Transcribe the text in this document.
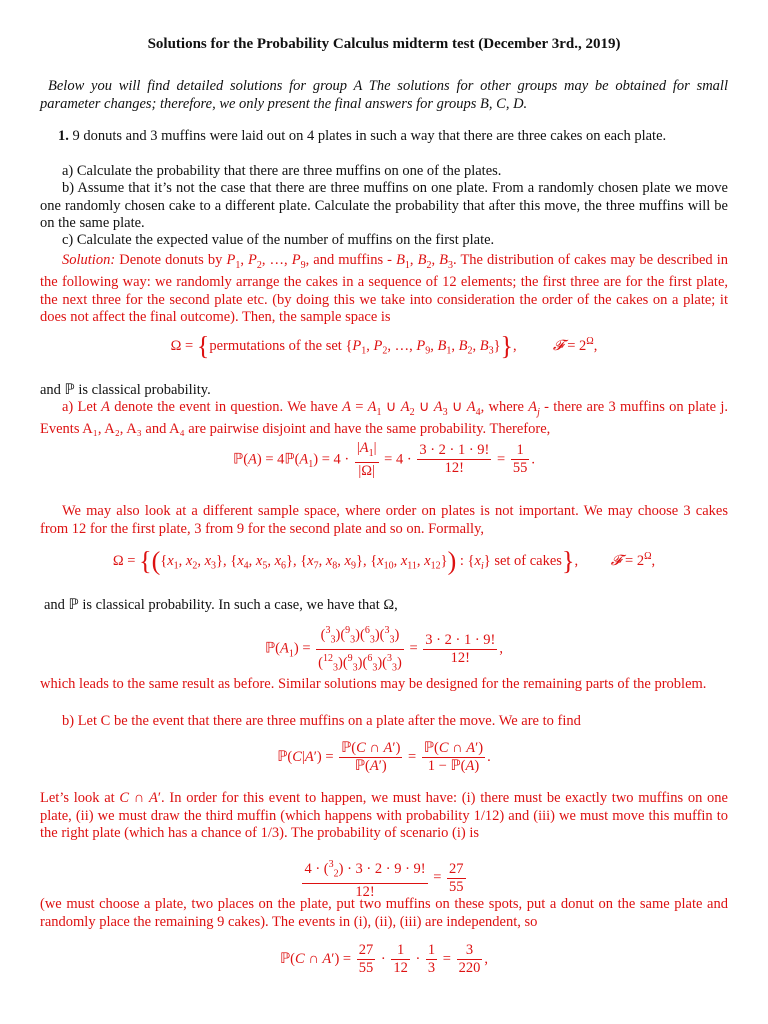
Solutions for the Probability Calculus midterm test (December 3rd., 2019)

Below you will find detailed solutions for group A The solutions for other groups may be obtained for small parameter changes; therefore, we only present the final answers for groups B, C, D.

1. 9 donuts and 3 muffins were laid out on 4 plates in such a way that there are three cakes on each plate.

a) Calculate the probability that there are three muffins on one of the plates.

b) Assume that it’s not the case that there are three muffins on one plate. From a randomly chosen plate we move one randomly chosen cake to a different plate. Calculate the probability that after this move, the three muffins will be on the same plate.

c) Calculate the expected value of the number of muffins on the first plate.

Solution: Denote donuts by $P_1$, $P_2$, …, $P_9$, and muffins - $B_1$, $B_2$, $B_3$. The distribution of cakes may be described in the following way: we randomly arrange the cakes in a sequence of 12 elements; the first three are for the first plate, the next three for the second plate etc. (by doing this we take into consideration the order of the cakes on a plate; it does not affect the final outcome). Then, the sample space is

Ω = {permutations of the set {$P_1$, $P_2$, …, $P_9$, $B_1$, $B_2$, $B_3$}},          𝓕 = $2^\Omega$,

and ℙ is classical probability.

a) Let A denote the event in question. We have $A = A_1$ ∪ $A_2$ ∪ $A_3$ ∪ $A_4$, where $A_j$ - there are 3 muffins on plate j. Events A₁, A₂, A₃ and A₄ are pairwise disjoint and have the same probability. Therefore,

ℙ(A) = $4ℙ(A_1) = 4 \cdot \frac{|A_1|}{|\Omega|} = 4 \cdot \frac{3 \cdot 2 \cdot 1 \cdot 9!}{12!} = \frac{1}{55}$ .

We may also look at a different sample space, where order on plates is not important. We may choose 3 cakes from 12 for the first plate, 3 from 9 for the second plate and so on. Formally,

$\Omega = \{(\{x_1$, $x_2$, $x_3$}, {$x_4$, $x_5$, $x_6$}, {$x_7$, $x_8$, $x_9$}, {$x_{10}$, $x_{11}$, $x_{12}$}) : $\{x_i\}$ set of cakes},         𝓕 = $2^\Omega$,

and ℙ is classical probability. In such a case, we have that Ω,

$ℙ(A_1) = \frac{(^3_3)(^9_3)(^6_3)(^3_3)}{(^{12}_3)(^9_3)(^6_3)(^3_3)} = \frac{3 \cdot 2 \cdot 1 \cdot 9!}{12!}$ ,

which leads to the same result as before. Similar solutions may be designed for the remaining parts of the problem.

b) Let C be the event that there are three muffins on a plate after the move. We are to find

ℙ(C|A′) = $\frac{\text{ℙ(C ∩ A′)}}{\text{ℙ(A′)}} = \frac{\text{ℙ(C ∩ A′)}}{\text{1 − ℙ(A)}}$ .

Let’s look at C ∩ A′. In order for this event to happen, we must have: (i) there must be exactly two muffins on one plate, (ii) we must draw the third muffin (which happens with probability 1/12) and (iii) we must move this muffin to the right plate (which has a chance of 1/3). The probability of scenario (i) is

$\frac{4 \cdot (^3_2) \cdot 3 \cdot 2 \cdot 9 \cdot 9!}{12!} = \frac{27}{55}$

(we must choose a plate, two places on the plate, put two muffins on these spots, put a donut on the same plate and randomly place the remaining 9 cakes). The events in (i), (ii), (iii) are independent, so

ℙ(C ∩ $A') = \frac{27}{55} \cdot \frac{1}{12} \cdot \frac{1}{3} = \frac{3}{220}$ ,
